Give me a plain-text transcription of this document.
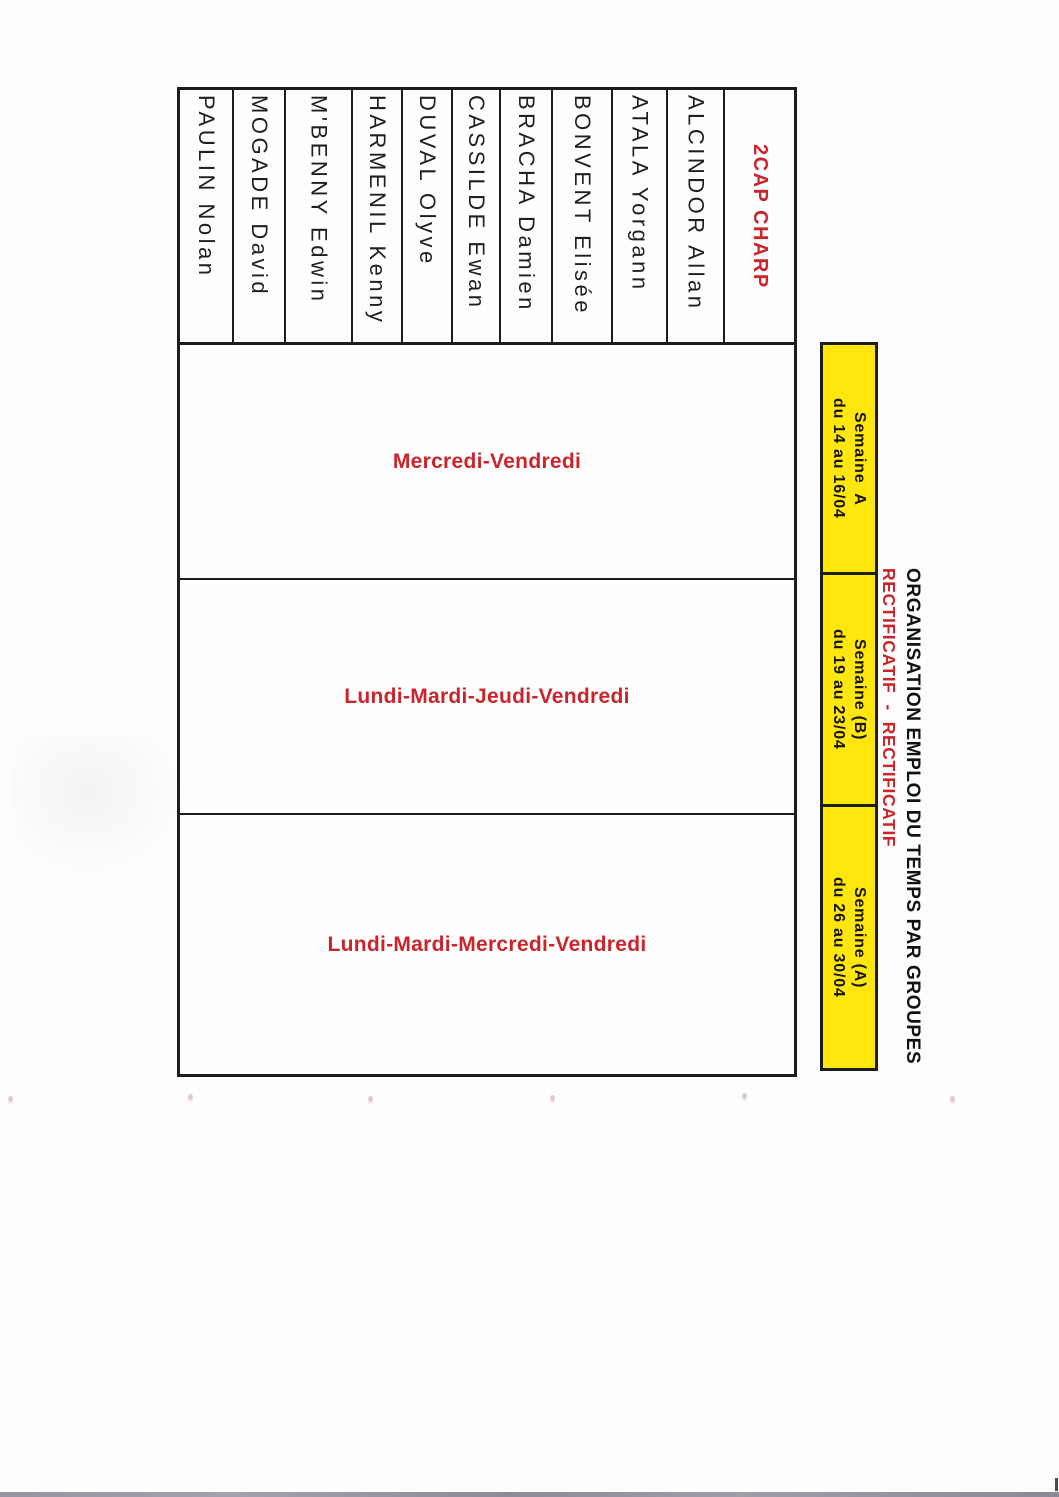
PAULIN Nolan MOGADE David M'BENNY Edwin HARMENIL Kenny DUVAL Olyve CASSILDE Ewan BRACHA Damien BONVENT Elisée ATALA Yorgann ALCINDOR Allan 2CAP CHARP
Mercredi-Vendredi
Lundi-Mardi-Jeudi-Vendredi
Lundi-Mardi-Mercredi-Vendredi
Semaine  A
du 14 au 16/04
Semaine (B)
du 19 au 23/04
Semaine (A)
du 26 au 30/04	ORGANISATION EMPLOI DU TEMPS PAR GROUPES
RECTIFICATIF  -  RECTIFICATIF
